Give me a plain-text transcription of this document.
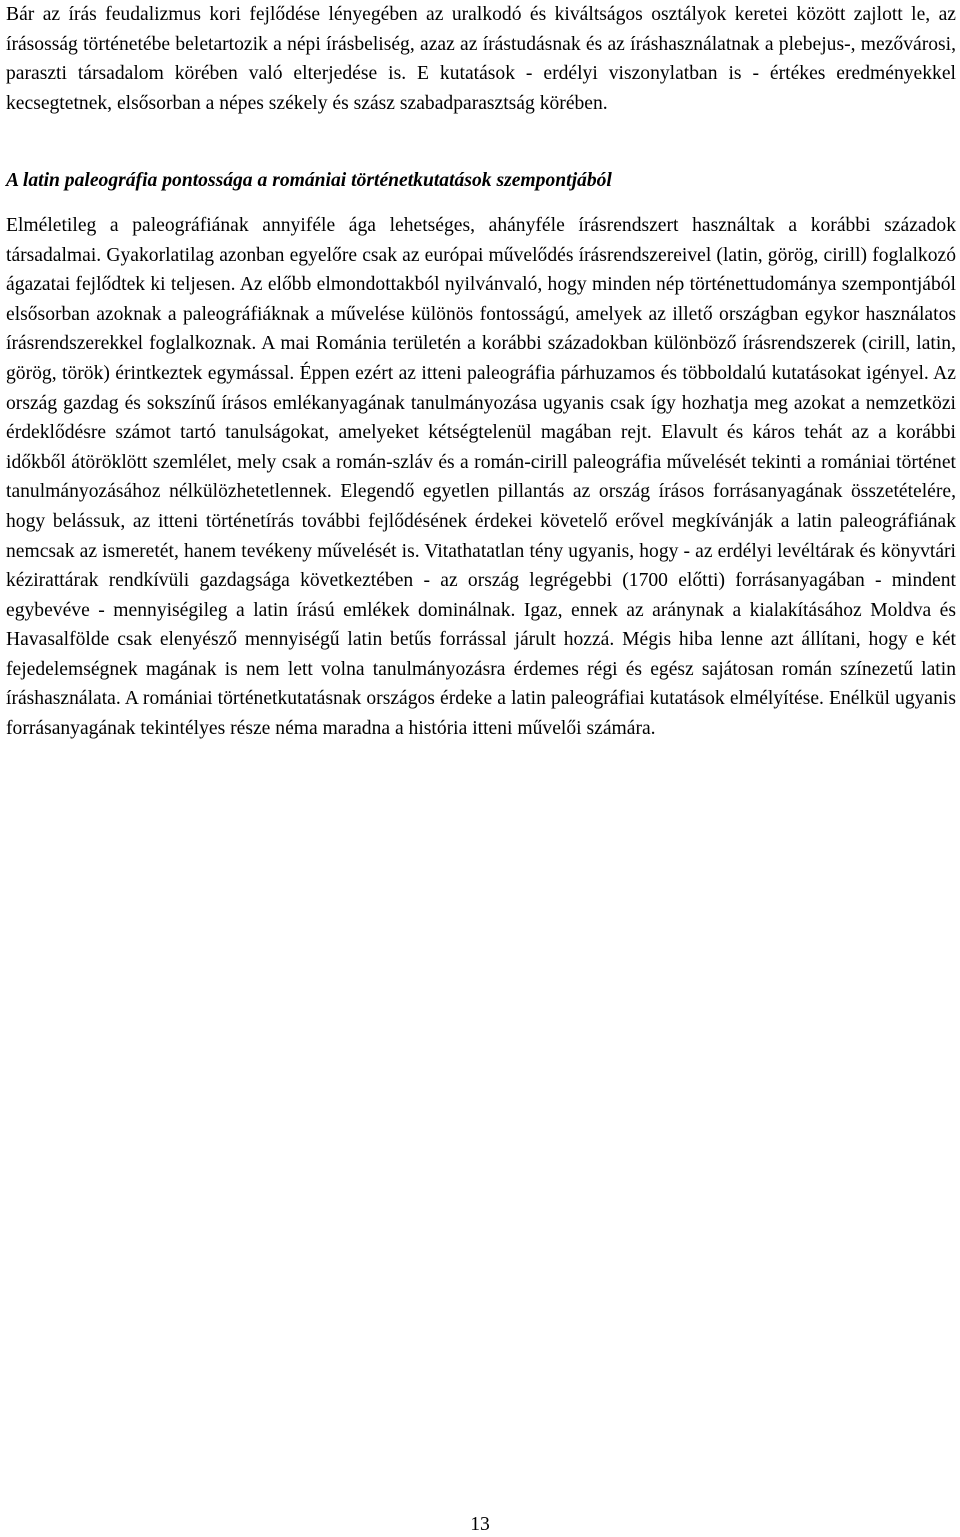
Bár az írás feudalizmus kori fejlődése lényegében az uralkodó és kiváltságos osztályok keretei között zajlott le, az írásosság történetébe beletartozik a népi írásbeliség, azaz az írástudásnak és az íráshasználatnak a plebejus-, mezővárosi, paraszti társadalom körében való elterjedése is. E kutatások - erdélyi viszonylatban is - értékes eredményekkel kecsegtetnek, elsősorban a népes székely és szász szabadparasztság körében.

A latin paleográfia pontossága a romániai történetkutatások szempontjából

Elméletileg a paleográfiának annyiféle ága lehetséges, ahányféle írásrendszert használtak a korábbi századok társadalmai. Gyakorlatilag azonban egyelőre csak az európai művelődés írásrendszereivel (latin, görög, cirill) foglalkozó ágazatai fejlődtek ki teljesen. Az előbb elmondottakból nyilvánvaló, hogy minden nép történettudománya szempontjából elsősorban azoknak a paleográfiáknak a művelése különös fontosságú, amelyek az illető országban egykor használatos írásrendszerekkel foglalkoznak. A mai Románia területén a korábbi századokban különböző írásrendszerek (cirill, latin, görög, török) érintkeztek egymással. Éppen ezért az itteni paleográfia párhuzamos és többoldalú kutatásokat igényel. Az ország gazdag és sokszínű írásos emlékanyagának tanulmányozása ugyanis csak így hozhatja meg azokat a nemzetközi érdeklődésre számot tartó tanulságokat, amelyeket kétségtelenül magában rejt. Elavult és káros tehát az a korábbi időkből átöröklött szemlélet, mely csak a román-szláv és a román-cirill paleográfia művelését tekinti a romániai történet tanulmányozásához nélkülözhetetlennek. Elegendő egyetlen pillantás az ország írásos forrásanyagának összetételére, hogy belássuk, az itteni történetírás további fejlődésének érdekei követelő erővel megkívánják a latin paleográfiának nemcsak az ismeretét, hanem tevékeny művelését is. Vitathatatlan tény ugyanis, hogy - az erdélyi levéltárak és könyvtári kézirattárak rendkívüli gazdagsága következtében - az ország legrégebbi (1700 előtti) forrásanyagában - mindent egybevéve - mennyiségileg a latin írású emlékek dominálnak. Igaz, ennek az aránynak a kialakításához Moldva és Havasalfölde csak elenyésző mennyiségű latin betűs forrással járult hozzá. Mégis hiba lenne azt állítani, hogy e két fejedelemségnek magának is nem lett volna tanulmányozásra érdemes régi és egész sajátosan román színezetű latin íráshasználata. A romániai történetkutatásnak országos érdeke a latin paleográfiai kutatások elmélyítése. Enélkül ugyanis forrásanyagának tekintélyes része néma maradna a história itteni művelői számára.

13
